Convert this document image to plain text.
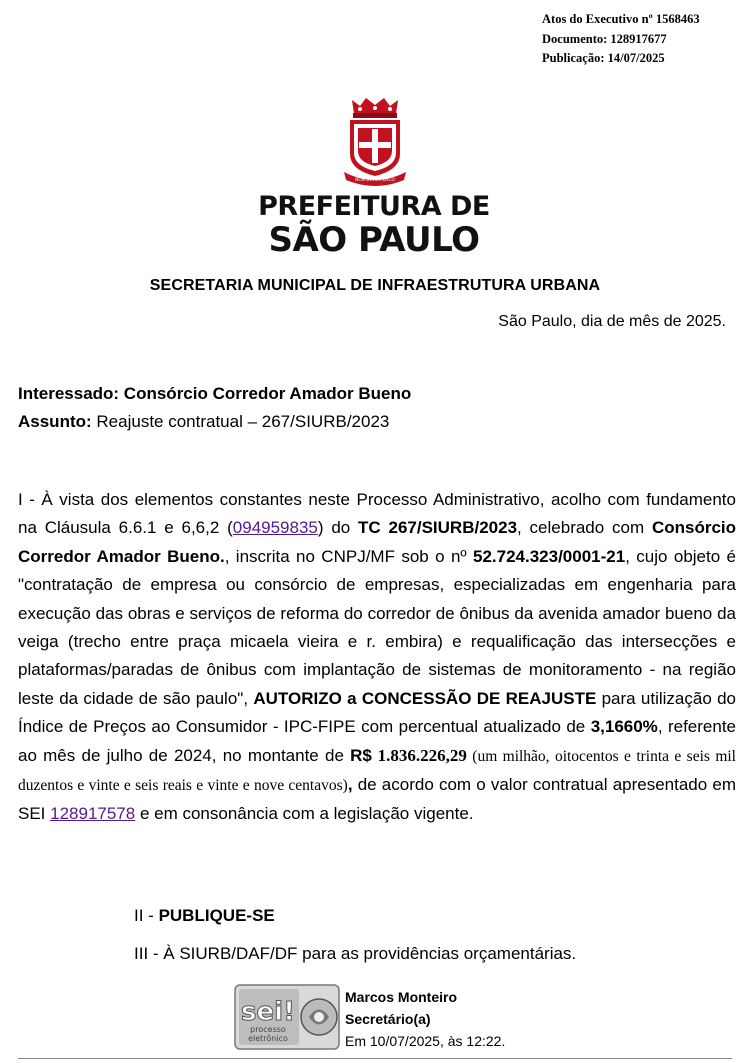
Atos do Executivo nº 1568463
Documento: 128917677
Publicação: 14/07/2025
NON DVCOR DVCO
PREFEITURA DE
SÃO PAULO
SECRETARIA MUNICIPAL DE INFRAESTRUTURA URBANA
São Paulo, dia de mês de 2025.
Interessado: Consórcio Corredor Amador Bueno
Assunto: Reajuste contratual – 267/SIURB/2023
I - À vista dos elementos constantes neste Processo Administrativo, acolho com fundamento na Cláusula 6.6.1 e 6,6,2 (094959835) do TC 267/SIURB/2023, celebrado com Consórcio Corredor Amador Bueno., inscrita no CNPJ/MF sob o nº 52.724.323/0001-21, cujo objeto é "contratação de empresa ou consórcio de empresas, especializadas em engenharia para execução das obras e serviços de reforma do corredor de ônibus da avenida amador bueno da veiga (trecho entre praça micaela vieira e r. embira) e requalificação das intersecções e plataformas/paradas de ônibus com implantação de sistemas de monitoramento - na região leste da cidade de são paulo", AUTORIZO a CONCESSÃO DE REAJUSTE para utilização do Índice de Preços ao Consumidor - IPC-FIPE com percentual atualizado de 3,1660%, referente ao mês de julho de 2024, no montante de R$ 1.836.226,29 (um milhão, oitocentos e trinta e seis mil duzentos e vinte e seis reais e vinte e nove centavos), de acordo com o valor contratual apresentado em SEI 128917578 e em consonância com a legislação vigente.
II - PUBLIQUE-SE
III - À SIURB/DAF/DF para as providências orçamentárias.
sei!
processo
eletrônico
Marcos Monteiro
Secretário(a)
Em 10/07/2025, às 12:22.
